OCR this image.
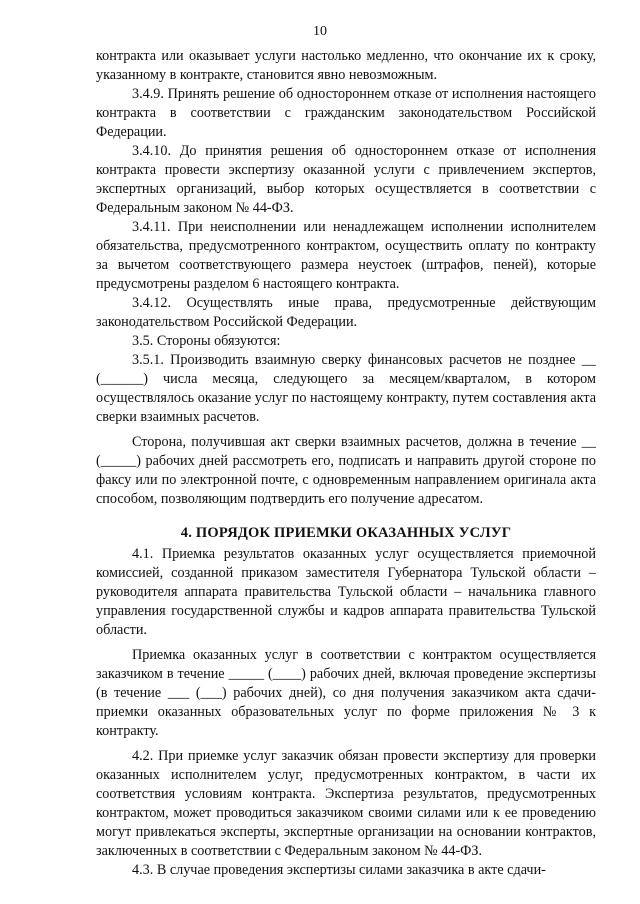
10

контракта или оказывает услуги настолько медленно, что окончание их к сроку, указанному в контракте, становится явно невозможным.

3.4.9. Принять решение об одностороннем отказе от исполнения настоящего контракта в соответствии с гражданским законодательством Российской Федерации.

3.4.10. До принятия решения об одностороннем отказе от исполнения контракта провести экспертизу оказанной услуги с привлечением экспертов, экспертных организаций, выбор которых осуществляется в соответствии с Федеральным законом № 44-ФЗ.

3.4.11. При неисполнении или ненадлежащем исполнении исполнителем обязательства, предусмотренного контрактом, осуществить оплату по контракту за вычетом соответствующего размера неустоек (штрафов, пеней), которые предусмотрены разделом 6 настоящего контракта.

3.4.12. Осуществлять иные права, предусмотренные действующим законодательством Российской Федерации.

3.5. Стороны обязуются:

3.5.1. Производить взаимную сверку финансовых расчетов не позднее __ (______) числа месяца, следующего за месяцем/кварталом, в котором осуществлялось оказание услуг по настоящему контракту, путем составления акта сверки взаимных расчетов.

Сторона, получившая акт сверки взаимных расчетов, должна в течение __ (_____) рабочих дней рассмотреть его, подписать и направить другой стороне по факсу или по электронной почте, с одновременным направлением оригинала акта способом, позволяющим подтвердить его получение адресатом.

4. ПОРЯДОК ПРИЕМКИ ОКАЗАННЫХ УСЛУГ

4.1. Приемка результатов оказанных услуг осуществляется приемочной комиссией, созданной приказом заместителя Губернатора Тульской области – руководителя аппарата правительства Тульской области – начальника главного управления государственной службы и кадров аппарата правительства Тульской области.

Приемка оказанных услуг в соответствии с контрактом осуществляется заказчиком в течение _____ (____) рабочих дней, включая проведение экспертизы (в течение ___ (___) рабочих дней), со дня получения заказчиком акта сдачи-приемки оказанных образовательных услуг по форме приложения № 3 к контракту.

4.2. При приемке услуг заказчик обязан провести экспертизу для проверки оказанных исполнителем услуг, предусмотренных контрактом, в части их соответствия условиям контракта. Экспертиза результатов, предусмотренных контрактом, может проводиться заказчиком своими силами или к ее проведению могут привлекаться эксперты, экспертные организации на основании контрактов, заключенных в соответствии с Федеральным законом № 44-ФЗ.

4.3. В случае проведения экспертизы силами заказчика в акте сдачи-
